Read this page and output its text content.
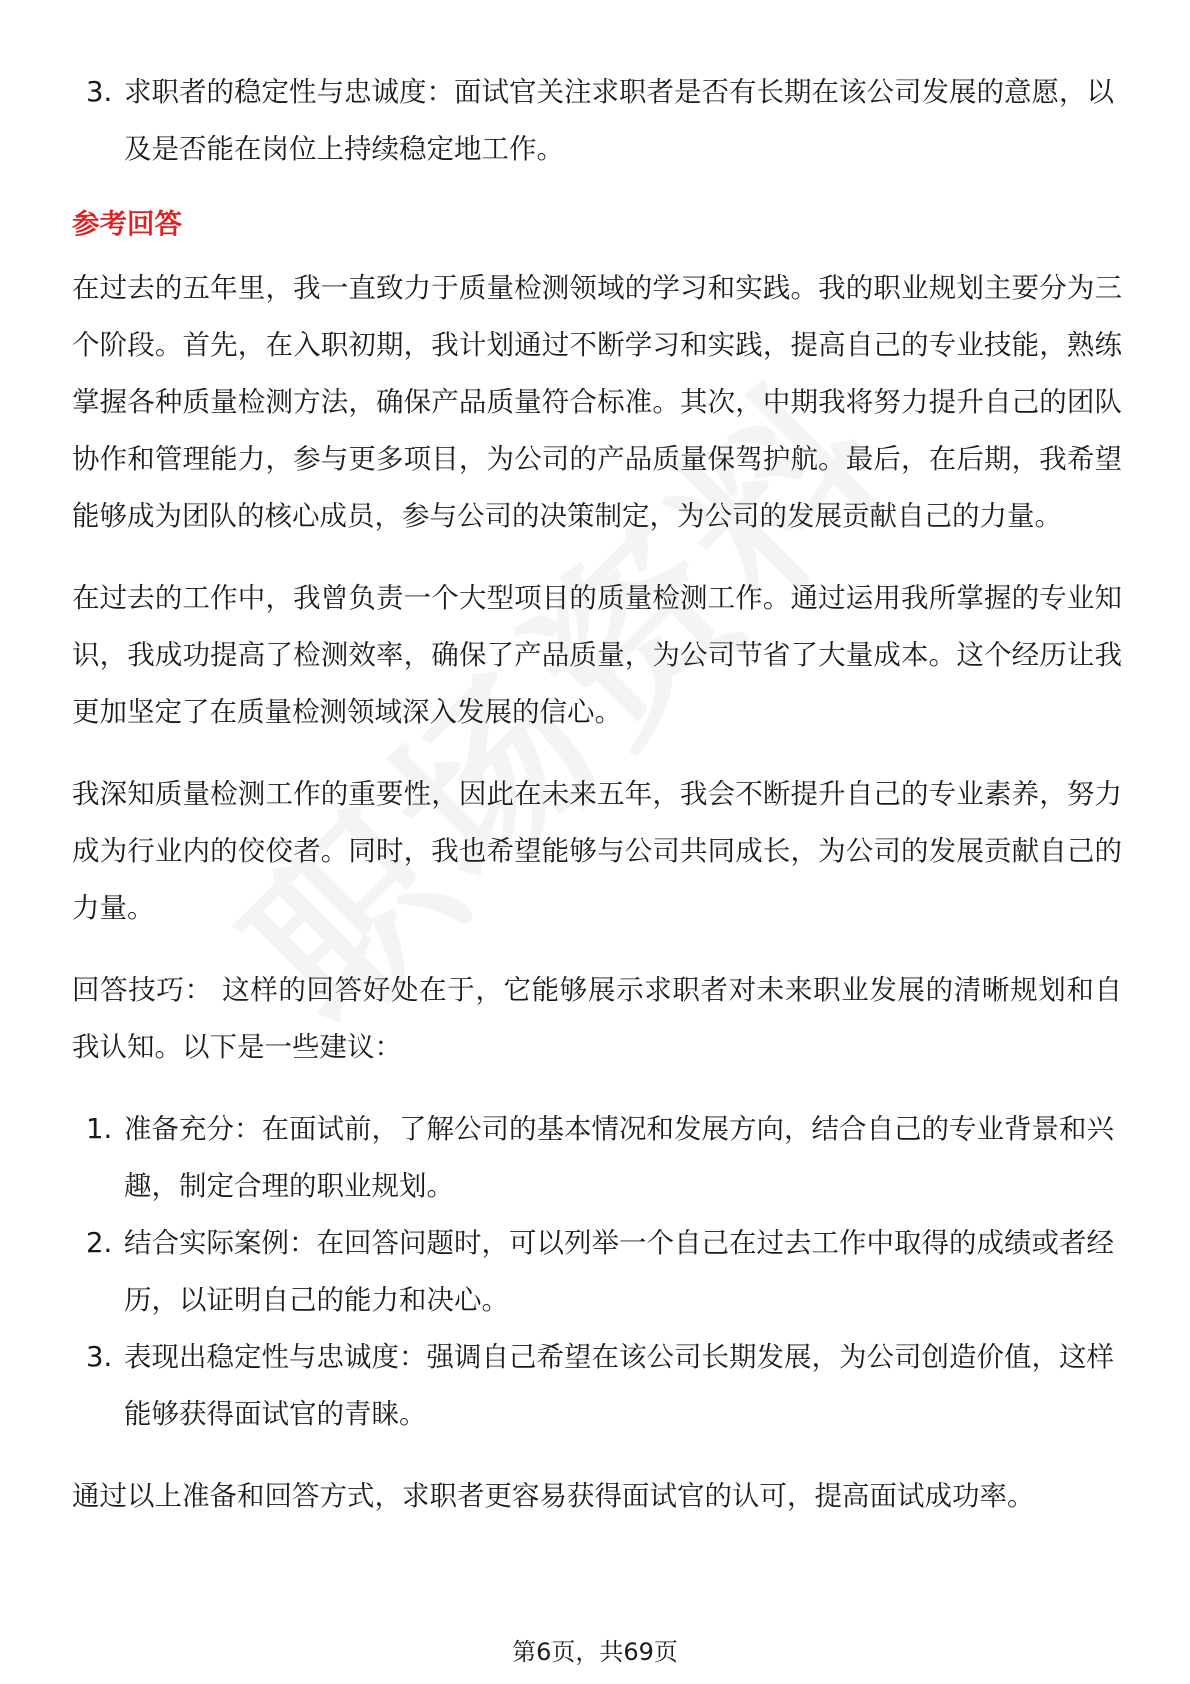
3. 求职者的稳定性与忠诚度：面试官关注求职者是否有长期在该公司发展的意愿，以及是否能在岗位上持续稳定地工作。
参考回答

在过去的五年里，我一直致力于质量检测领域的学习和实践。我的职业规划主要分为三个阶段。首先，在入职初期，我计划通过不断学习和实践，提高自己的专业技能，熟练掌握各种质量检测方法，确保产品质量符合标准。其次，中期我将努力提升自己的团队协作和管理能力，参与更多项目，为公司的产品质量保驾护航。最后，在后期，我希望能够成为团队的核心成员，参与公司的决策制定，为公司的发展贡献自己的力量。

在过去的工作中，我曾负责一个大型项目的质量检测工作。通过运用我所掌握的专业知识，我成功提高了检测效率，确保了产品质量，为公司节省了大量成本。这个经历让我更加坚定了在质量检测领域深入发展的信心。

我深知质量检测工作的重要性，因此在未来五年，我会不断提升自己的专业素养，努力成为行业内的佼佼者。同时，我也希望能够与公司共同成长，为公司的发展贡献自己的力量。

回答技巧： 这样的回答好处在于，它能够展示求职者对未来职业发展的清晰规划和自我认知。以下是一些建议：

1. 准备充分：在面试前，了解公司的基本情况和发展方向，结合自己的专业背景和兴趣，制定合理的职业规划。
2. 结合实际案例：在回答问题时，可以列举一个自己在过去工作中取得的成绩或者经历，以证明自己的能力和决心。
3. 表现出稳定性与忠诚度：强调自己希望在该公司长期发展，为公司创造价值，这样能够获得面试官的青睐。

通过以上准备和回答方式，求职者更容易获得面试官的认可，提高面试成功率。

第6页，共69页
